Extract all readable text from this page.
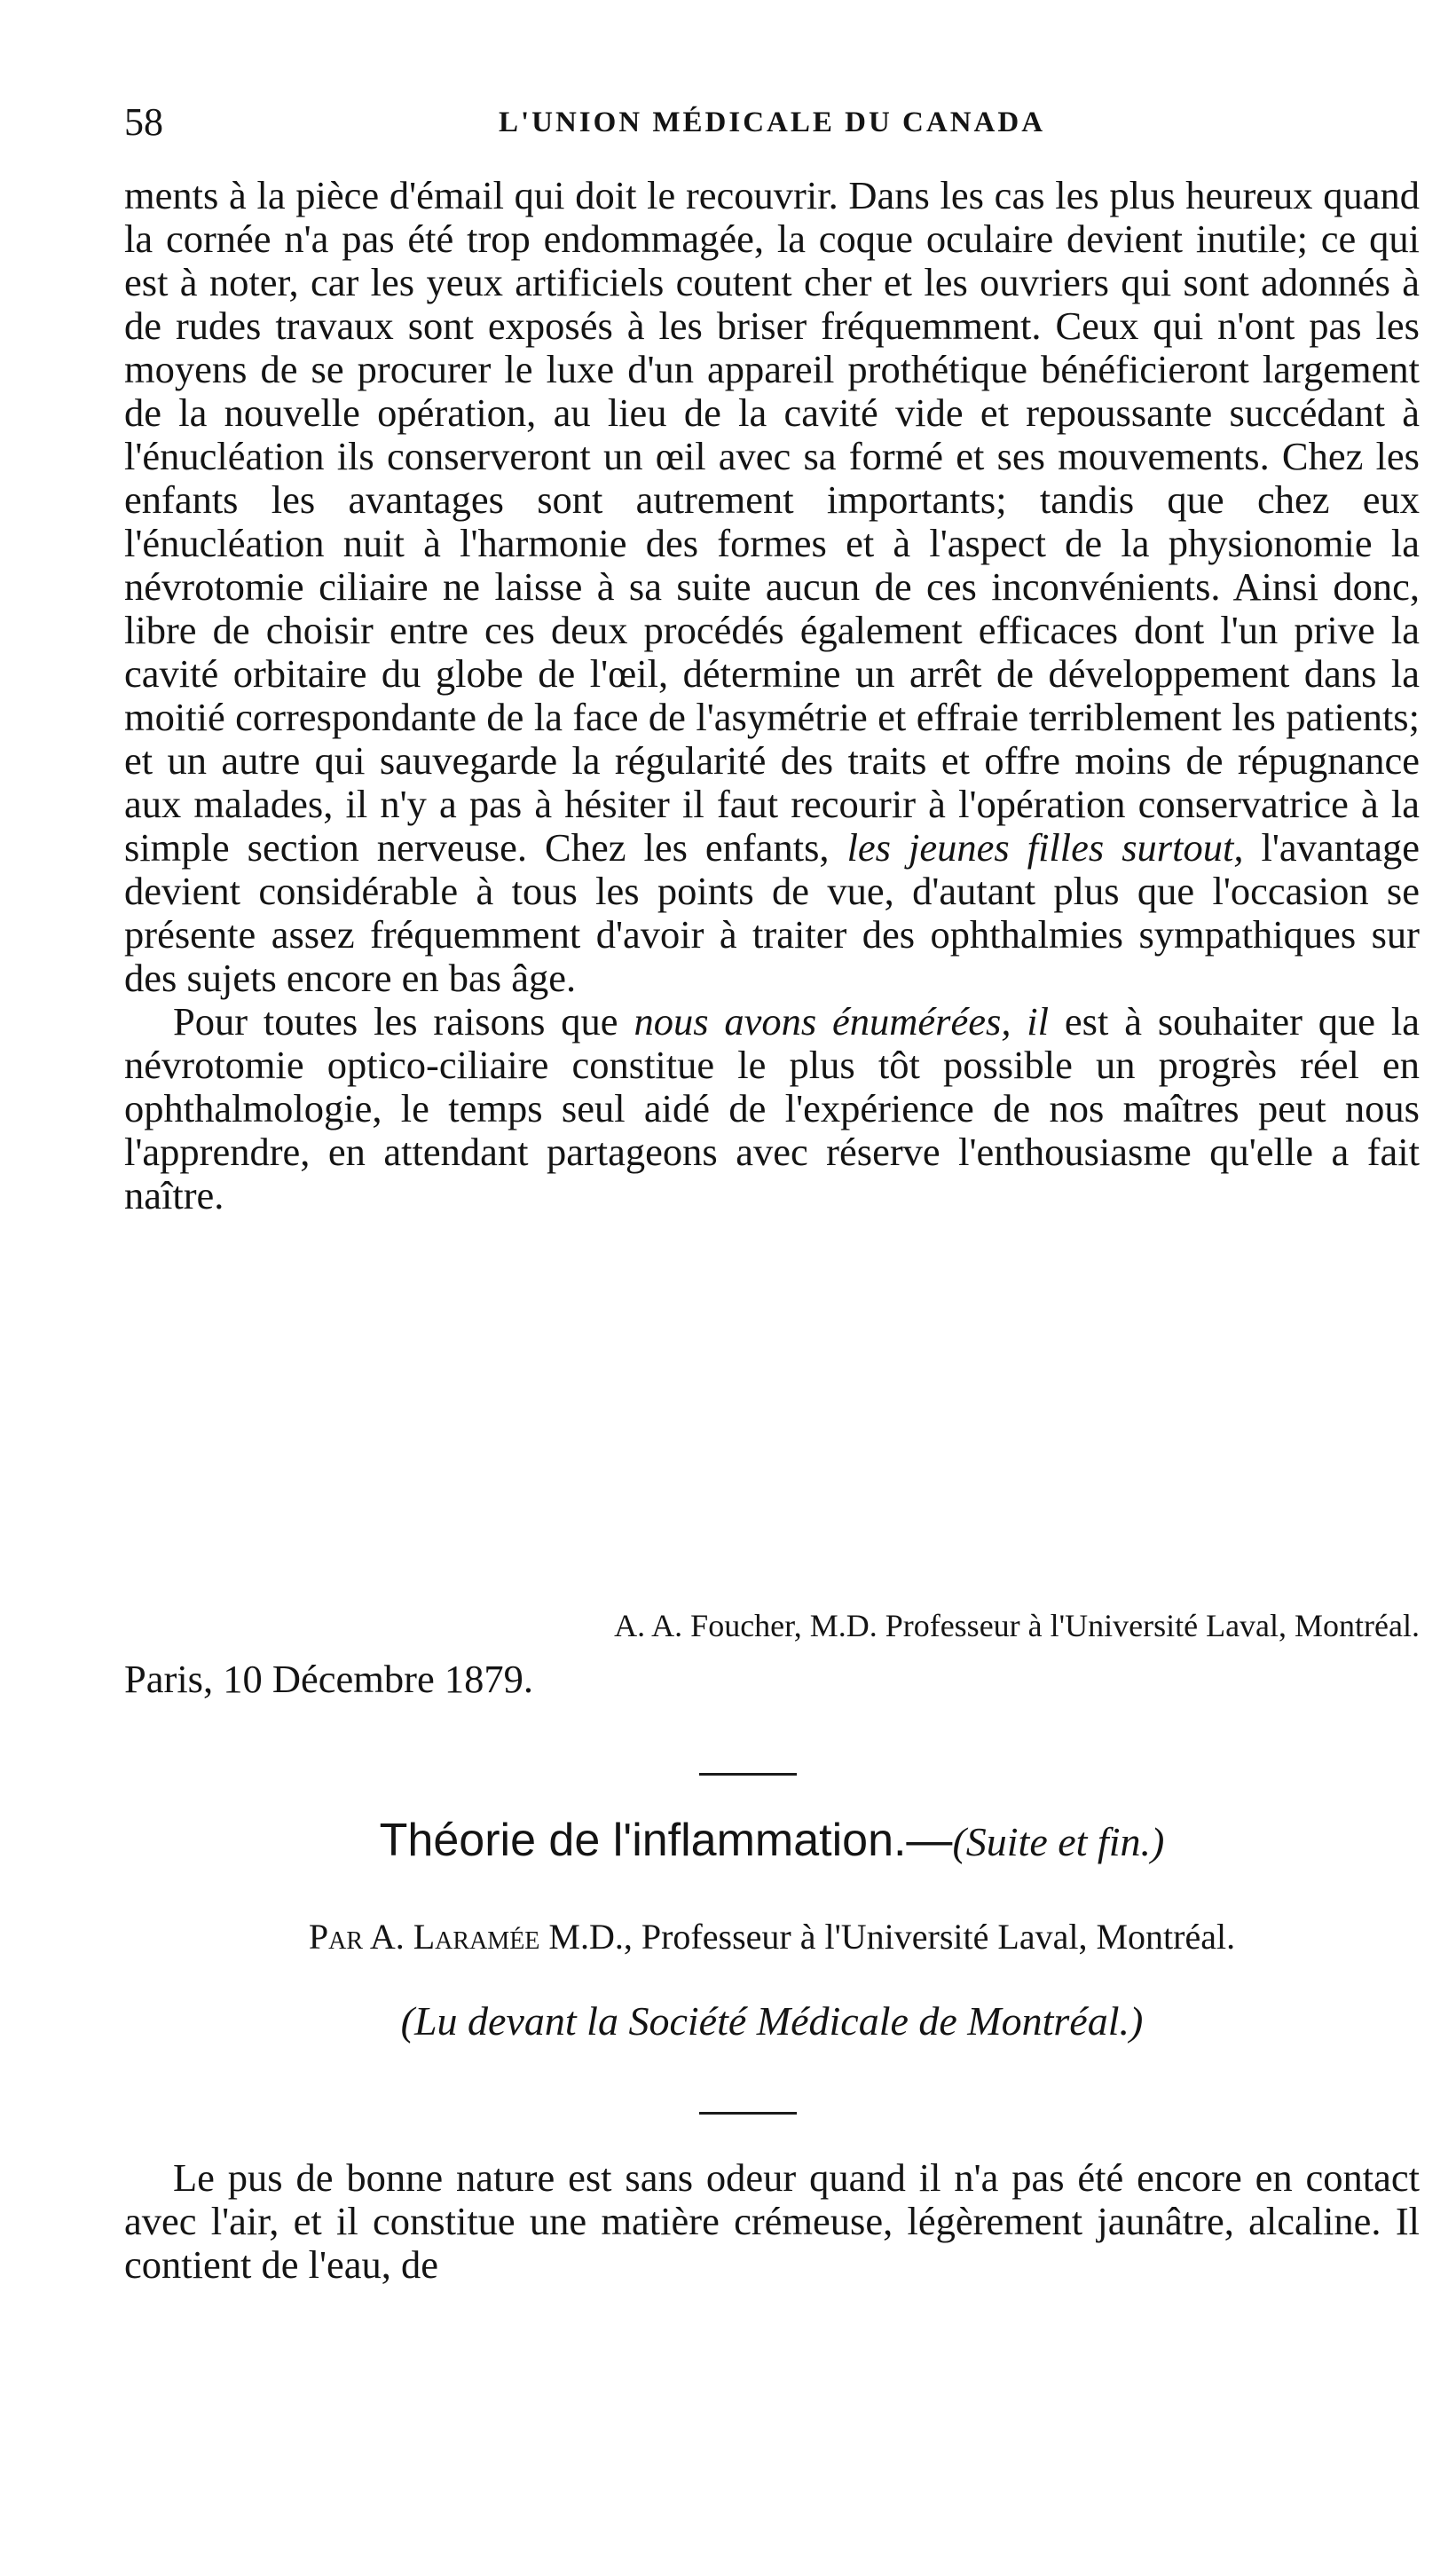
58	L'UNION MÉDICALE DU CANADA

ments à la pièce d'émail qui doit le recouvrir. Dans les cas les plus heureux quand la cornée n'a pas été trop endommagée, la coque oculaire devient inutile; ce qui est à noter, car les yeux artificiels coutent cher et les ouvriers qui sont adonnés à de rudes travaux sont exposés à les briser fréquemment. Ceux qui n'ont pas les moyens de se procurer le luxe d'un appareil prothétique bénéficieront largement de la nouvelle opération, au lieu de la cavité vide et repoussante succédant à l'énucléation ils conserveront un œil avec sa formé et ses mouvements. Chez les enfants les avantages sont autrement importants; tandis que chez eux l'énucléation nuit à l'harmonie des formes et à l'aspect de la physionomie la névrotomie ciliaire ne laisse à sa suite aucun de ces inconvénients. Ainsi donc, libre de choisir entre ces deux procédés également efficaces dont l'un prive la cavité orbitaire du globe de l'œil, détermine un arrêt de développement dans la moitié correspondante de la face de l'asymétrie et effraie terriblement les patients; et un autre qui sauvegarde la régularité des traits et offre moins de répugnance aux malades, il n'y a pas à hésiter il faut recourir à l'opération conservatrice à la simple section nerveuse. Chez les enfants, les jeunes filles surtout, l'avantage devient considérable à tous les points de vue, d'autant plus que l'occasion se présente assez fréquemment d'avoir à traiter des ophthalmies sympathiques sur des sujets encore en bas âge.

Pour toutes les raisons que nous avons énumérées, il est à souhaiter que la névrotomie optico-ciliaire constitue le plus tôt possible un progrès réel en ophthalmologie, le temps seul aidé de l'expérience de nos maîtres peut nous l'apprendre, en attendant partageons avec réserve l'enthousiasme qu'elle a fait naître.

A. A. Foucher, M.D. Professeur à l'Université Laval, Montréal.
Paris, 10 Décembre 1879.
Théorie de l'inflammation.—(Suite et fin.)
Par A. Laramée M.D., Professeur à l'Université Laval, Montréal.
(Lu devant la Société Médicale de Montréal.)

Le pus de bonne nature est sans odeur quand il n'a pas été encore en contact avec l'air, et il constitue une matière crémeuse, légèrement jaunâtre, alcaline. Il contient de l'eau, de
